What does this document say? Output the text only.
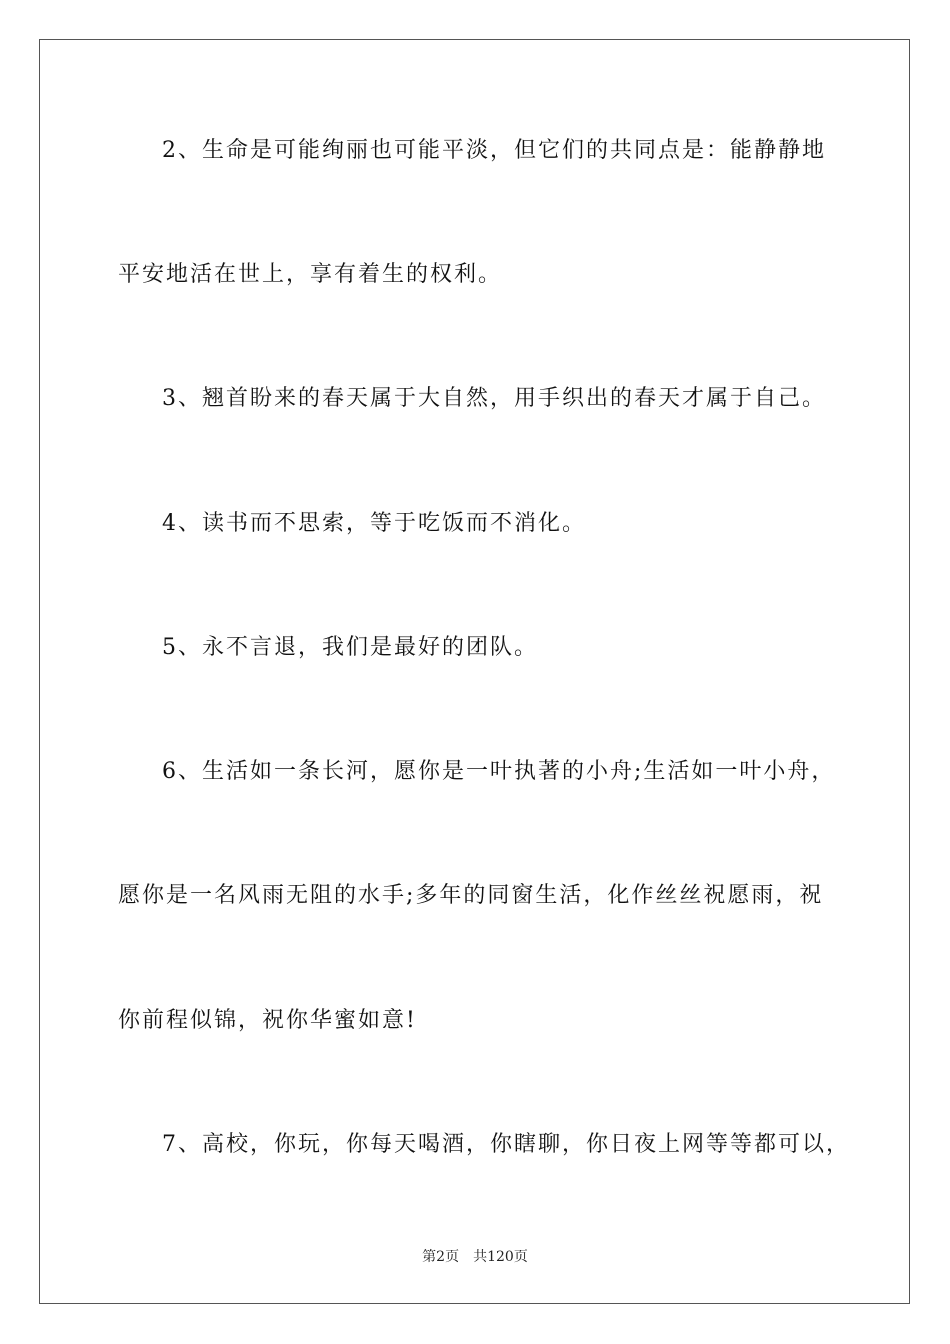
2、生命是可能绚丽也可能平淡，但它们的共同点是：能静静地
平安地活在世上，享有着生的权利。
3、翘首盼来的春天属于大自然，用手织出的春天才属于自己。
4、读书而不思索，等于吃饭而不消化。
5、永不言退，我们是最好的团队。
6、生活如一条长河，愿你是一叶执著的小舟;生活如一叶小舟，
愿你是一名风雨无阻的水手;多年的同窗生活，化作丝丝祝愿雨，祝
你前程似锦，祝你华蜜如意!
7、高校，你玩，你每天喝酒，你瞎聊，你日夜上网等等都可以，
第2页 共120页
